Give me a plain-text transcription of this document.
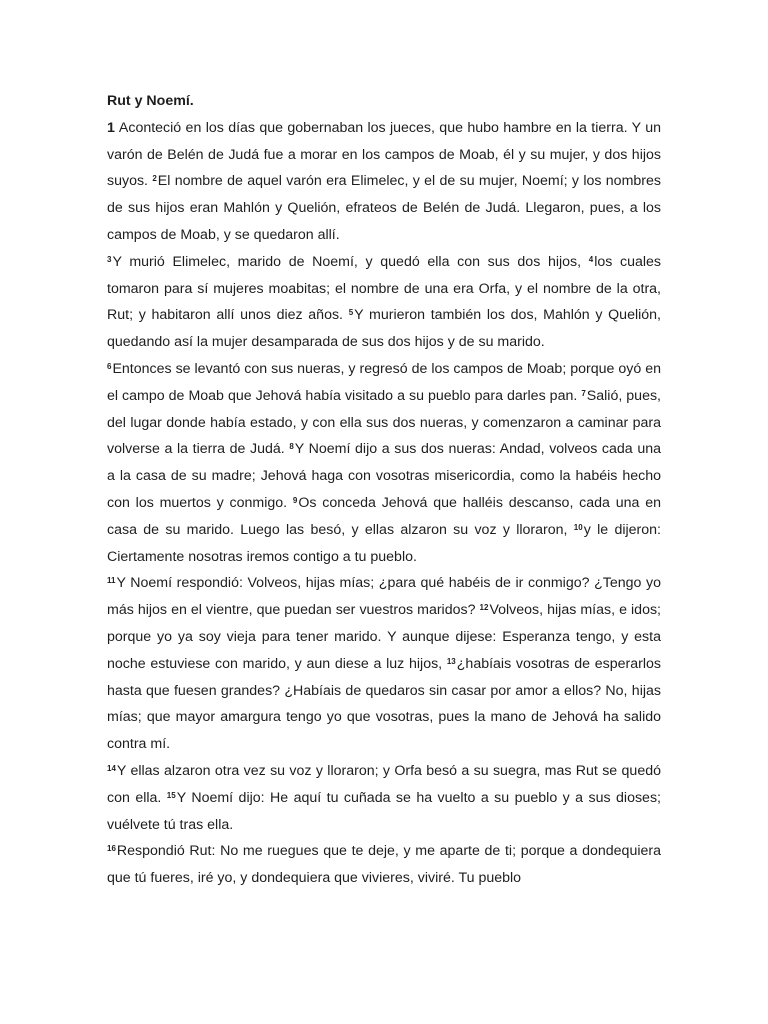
Rut y Noemí.

1 Aconteció en los días que gobernaban los jueces, que hubo hambre en la tierra. Y un varón de Belén de Judá fue a morar en los campos de Moab, él y su mujer, y dos hijos suyos. $^2$El nombre de aquel varón era Elimelec, y el de su mujer, Noemí; y los nombres de sus hijos eran Mahlón y Quelión, efrateos de Belén de Judá. Llegaron, pues, a los campos de Moab, y se quedaron allí.

$^3$Y murió Elimelec, marido de Noemí, y quedó ella con sus dos hijos, $^4$los cuales tomaron para sí mujeres moabitas; el nombre de una era Orfa, y el nombre de la otra, Rut; y habitaron allí unos diez años. $^5$Y murieron también los dos, Mahlón y Quelión, quedando así la mujer desamparada de sus dos hijos y de su marido.

$^6$Entonces se levantó con sus nueras, y regresó de los campos de Moab; porque oyó en el campo de Moab que Jehová había visitado a su pueblo para darles pan. $^7$Salió, pues, del lugar donde había estado, y con ella sus dos nueras, y comenzaron a caminar para volverse a la tierra de Judá. $^8$Y Noemí dijo a sus dos nueras: Andad, volveos cada una a la casa de su madre; Jehová haga con vosotras misericordia, como la habéis hecho con los muertos y conmigo. $^9$Os conceda Jehová que halléis descanso, cada una en casa de su marido. Luego las besó, y ellas alzaron su voz y lloraron, $^{10}$y le dijeron: Ciertamente nosotras iremos contigo a tu pueblo.

$^{11}$Y Noemí respondió: Volveos, hijas mías; ¿para qué habéis de ir conmigo? ¿Tengo yo más hijos en el vientre, que puedan ser vuestros maridos? $^{12}$Volveos, hijas mías, e idos; porque yo ya soy vieja para tener marido. Y aunque dijese: Esperanza tengo, y esta noche estuviese con marido, y aun diese a luz hijos, $^{13}$¿habíais vosotras de esperarlos hasta que fuesen grandes? ¿Habíais de quedaros sin casar por amor a ellos? No, hijas mías; que mayor amargura tengo yo que vosotras, pues la mano de Jehová ha salido contra mí.

$^{14}$Y ellas alzaron otra vez su voz y lloraron; y Orfa besó a su suegra, mas Rut se quedó con ella. $^{15}$Y Noemí dijo: He aquí tu cuñada se ha vuelto a su pueblo y a sus dioses; vuélvete tú tras ella.

$^{16}$Respondió Rut: No me ruegues que te deje, y me aparte de ti; porque a dondequiera que tú fueres, iré yo, y dondequiera que vivieres, viviré. Tu pueblo
